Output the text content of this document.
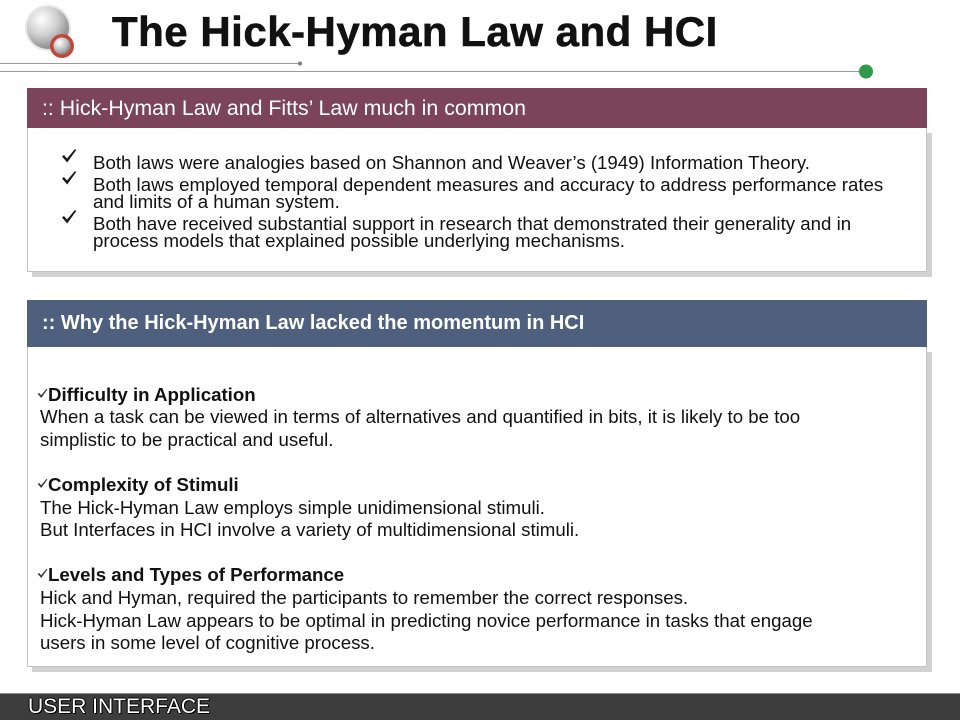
The Hick-Hyman Law and HCI
:: Hick-Hyman Law and Fitts’ Law much in common
Both laws were analogies based on Shannon and Weaver’s (1949) Information Theory.
Both laws employed temporal dependent measures and accuracy to address performance rates
and limits of a human system.
Both have received substantial support in research that demonstrated their generality and in
process models that explained possible underlying mechanisms.
:: Why the Hick-Hyman Law lacked the momentum in HCI
Difficulty in Application
When a task can be viewed in terms of alternatives and quantified in bits, it is likely to be too
simplistic to be practical and useful.
Complexity of Stimuli
The Hick-Hyman Law employs simple unidimensional stimuli.
But Interfaces in HCI involve a variety of multidimensional stimuli.
Levels and Types of Performance
Hick and Hyman, required the participants to remember the correct responses.
Hick-Hyman Law appears to be optimal in predicting novice performance in tasks that engage
users in some level of cognitive process.
USER INTERFACE
